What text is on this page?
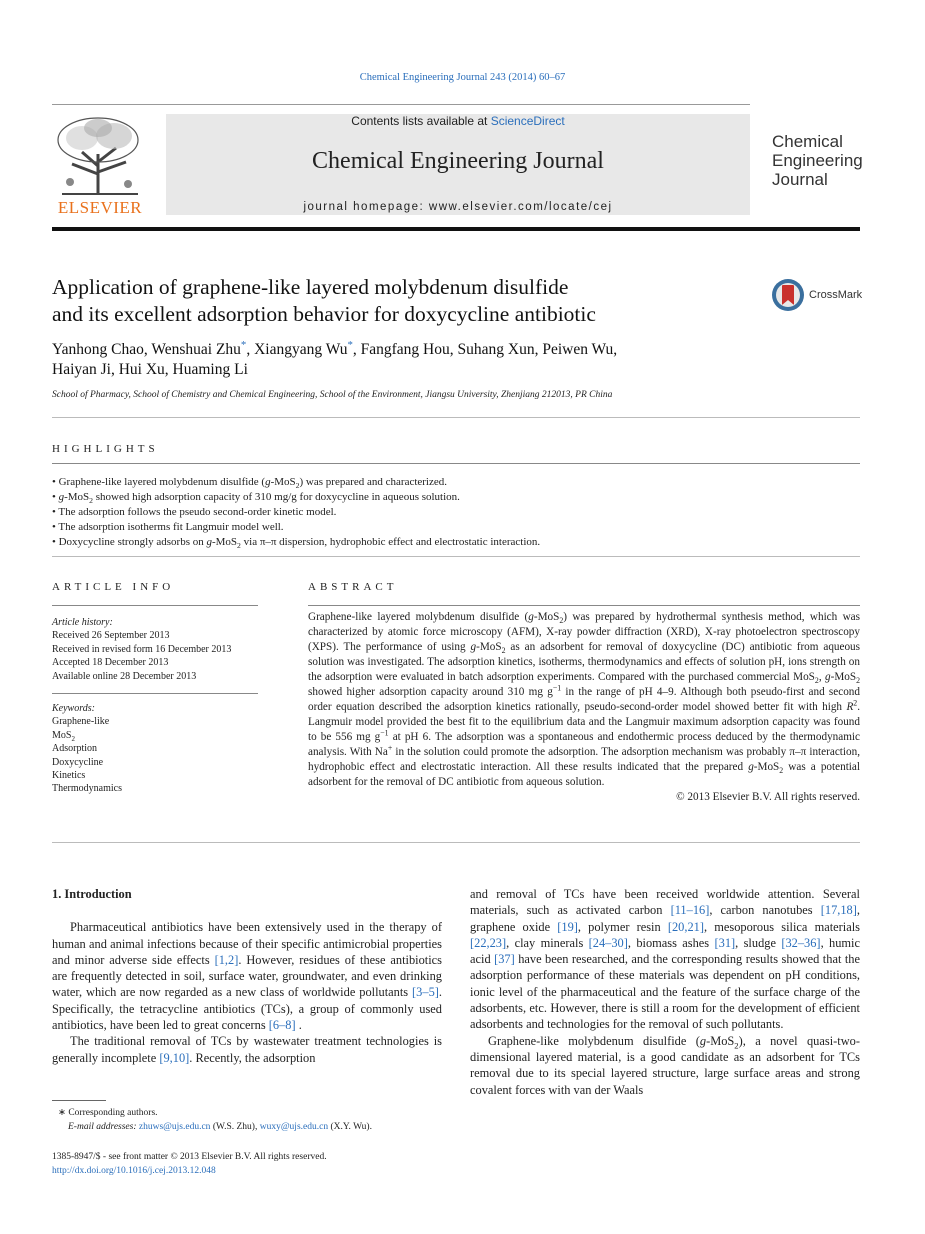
Chemical Engineering Journal 243 (2014) 60–67
ELSEVIER
Contents lists available at ScienceDirect
Chemical Engineering Journal
journal homepage: www.elsevier.com/locate/cej
Chemical
Engineering
Journal
Application of graphene-like layered molybdenum disulfide
and its excellent adsorption behavior for doxycycline antibiotic
CrossMark
Yanhong Chao, Wenshuai Zhu*, Xiangyang Wu*, Fangfang Hou, Suhang Xun, Peiwen Wu,
Haiyan Ji, Hui Xu, Huaming Li
School of Pharmacy, School of Chemistry and Chemical Engineering, School of the Environment, Jiangsu University, Zhenjiang 212013, PR China
HIGHLIGHTS
• Graphene-like layered molybdenum disulfide (g-MoS$_2$) was prepared and characterized.
• g-MoS$_2$ showed high adsorption capacity of 310 mg/g for doxycycline in aqueous solution.
• The adsorption follows the pseudo second-order kinetic model.
• The adsorption isotherms fit Langmuir model well.
• Doxycycline strongly adsorbs on g-MoS$_2$ via π–π dispersion, hydrophobic effect and electrostatic interaction.
ARTICLE INFO	ABSTRACT
Article history:
Received 26 September 2013
Received in revised form 16 December 2013
Accepted 18 December 2013
Available online 28 December 2013
Keywords:
Graphene-like
MoS$_2$
Adsorption
Doxycycline
Kinetics
Thermodynamics

Graphene-like layered molybdenum disulfide (g-MoS$_2$) was prepared by hydrothermal synthesis method, which was characterized by atomic force microscopy (AFM), X-ray powder diffraction (XRD), X-ray photoelectron spectroscopy (XPS). The performance of using g-MoS$_2$ as an adsorbent for removal of doxycycline (DC) antibiotic from aqueous solution was investigated. The adsorption kinetics, isotherms, thermodynamics and effects of solution pH, ions strength on the adsorption were evaluated in batch adsorption experiments. Compared with the purchased commercial MoS$_2$, g-MoS$_2$ showed higher adsorption capacity around 310 mg $g^{-1}$ in the range of pH 4–9. Although both pseudo-first and second order equation described the adsorption kinetics rationally, pseudo-second-order model showed better fit with high $R^2$. Langmuir model provided the best fit to the equilibrium data and the Langmuir maximum adsorption capacity was found to be 556 mg $g^{-1}$ at pH 6. The adsorption was a spontaneous and endothermic process deduced by the thermodynamic analysis. With Na+ in the solution could promote the adsorption. The adsorption mechanism was probably π–π interaction, hydrophobic effect and electrostatic interaction. All these results indicated that the prepared g-MoS$_2$ was a potential adsorbent for the removal of DC antibiotic from aqueous solution.

© 2013 Elsevier B.V. All rights reserved.

1. Introduction

Pharmaceutical antibiotics have been extensively used in the therapy of human and animal infections because of their specific antimicrobial properties and minor adverse side effects [1,2]. However, residues of these antibiotics are frequently detected in soil, surface water, groundwater, and even drinking water, which are now regarded as a new class of worldwide pollutants [3–5]. Specifically, the tetracycline antibiotics (TCs), a group of commonly used antibiotics, have been led to great concerns [6–8] .

The traditional removal of TCs by wastewater treatment technologies is generally incomplete [9,10]. Recently, the adsorption

and removal of TCs have been received worldwide attention. Several materials, such as activated carbon [11–16], carbon nanotubes [17,18], graphene oxide [19], polymer resin [20,21], mesoporous silica materials [22,23], clay minerals [24–30], biomass ashes [31], sludge [32–36], humic acid [37] have been researched, and the corresponding results showed that the adsorption performance of these materials was dependent on pH conditions, ionic level of the pharmaceutical and the feature of the surface charge of the adsorbents, etc. However, there is still a room for the development of efficient adsorbents and technologies for the removal of such pollutants.

Graphene-like molybdenum disulfide (g-MoS$_2$), a novel quasi-two-dimensional layered material, is a good candidate as an adsorbent for TCs removal due to its special layered structure, large surface areas and strong covalent forces with van der Waals

∗ Corresponding authors.
E-mail addresses: zhuws@ujs.edu.cn (W.S. Zhu), wuxy@ujs.edu.cn (X.Y. Wu).
1385-8947/$ - see front matter © 2013 Elsevier B.V. All rights reserved.
http://dx.doi.org/10.1016/j.cej.2013.12.048
